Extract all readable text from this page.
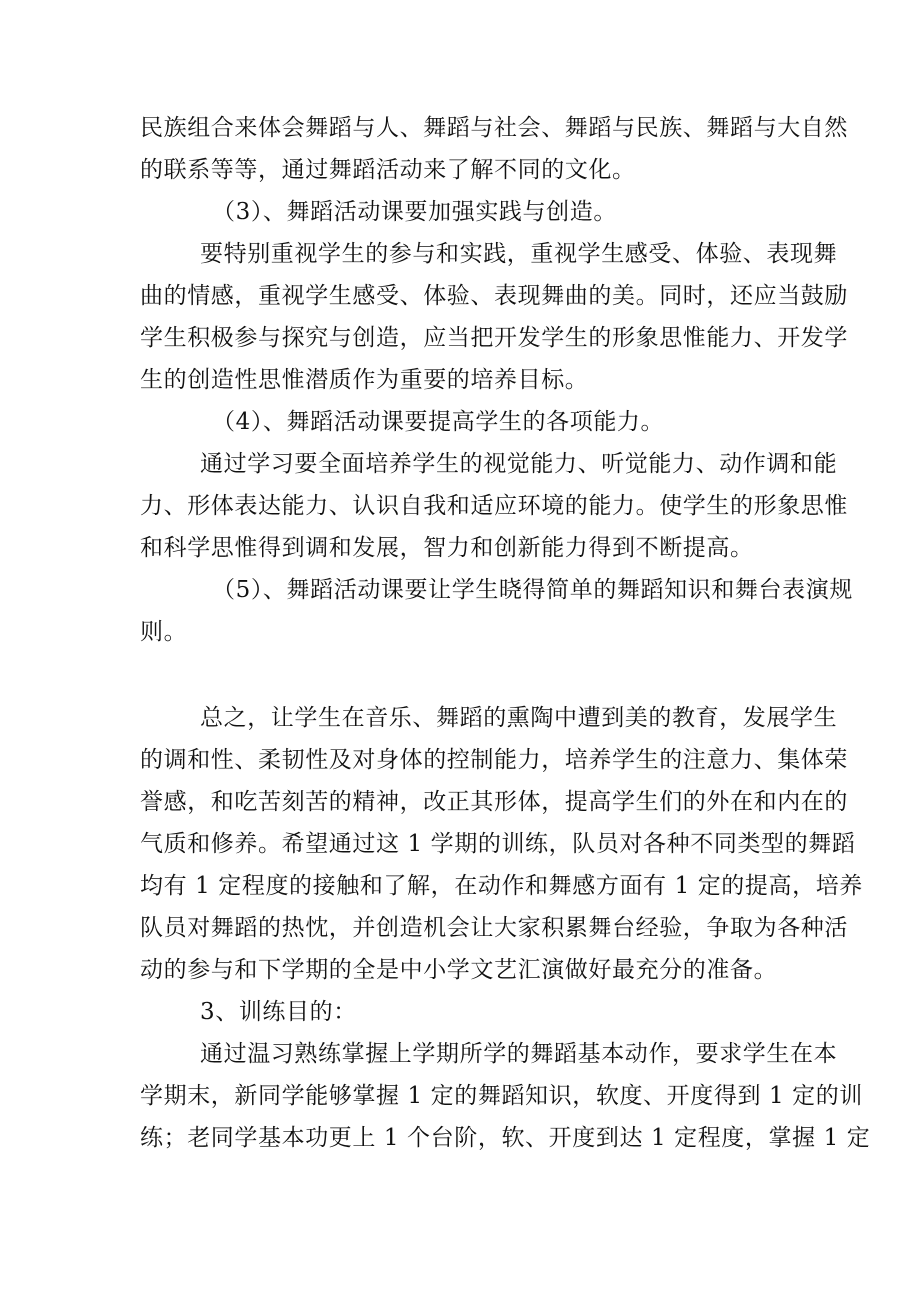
民族组合来体会舞蹈与人、舞蹈与社会、舞蹈与民族、舞蹈与大自然
的联系等等，通过舞蹈活动来了解不同的文化。
（3）、舞蹈活动课要加强实践与创造。
要特别重视学生的参与和实践，重视学生感受、体验、表现舞
曲的情感，重视学生感受、体验、表现舞曲的美。同时，还应当鼓励
学生积极参与探究与创造，应当把开发学生的形象思惟能力、开发学
生的创造性思惟潜质作为重要的培养目标。
（4）、舞蹈活动课要提高学生的各项能力。
通过学习要全面培养学生的视觉能力、听觉能力、动作调和能
力、形体表达能力、认识自我和适应环境的能力。使学生的形象思惟
和科学思惟得到调和发展，智力和创新能力得到不断提高。
（5）、舞蹈活动课要让学生晓得简单的舞蹈知识和舞台表演规
则。
总之，让学生在音乐、舞蹈的熏陶中遭到美的教育，发展学生
的调和性、柔韧性及对身体的控制能力，培养学生的注意力、集体荣
誉感，和吃苦刻苦的精神，改正其形体，提高学生们的外在和内在的
气质和修养。希望通过这 1 学期的训练，队员对各种不同类型的舞蹈
均有 1 定程度的接触和了解，在动作和舞感方面有 1 定的提高，培养
队员对舞蹈的热忱，并创造机会让大家积累舞台经验，争取为各种活
动的参与和下学期的全是中小学文艺汇演做好最充分的准备。
3、训练目的：
通过温习熟练掌握上学期所学的舞蹈基本动作，要求学生在本
学期末，新同学能够掌握 1 定的舞蹈知识，软度、开度得到 1 定的训
练；老同学基本功更上 1 个台阶，软、开度到达 1 定程度，掌握 1 定
